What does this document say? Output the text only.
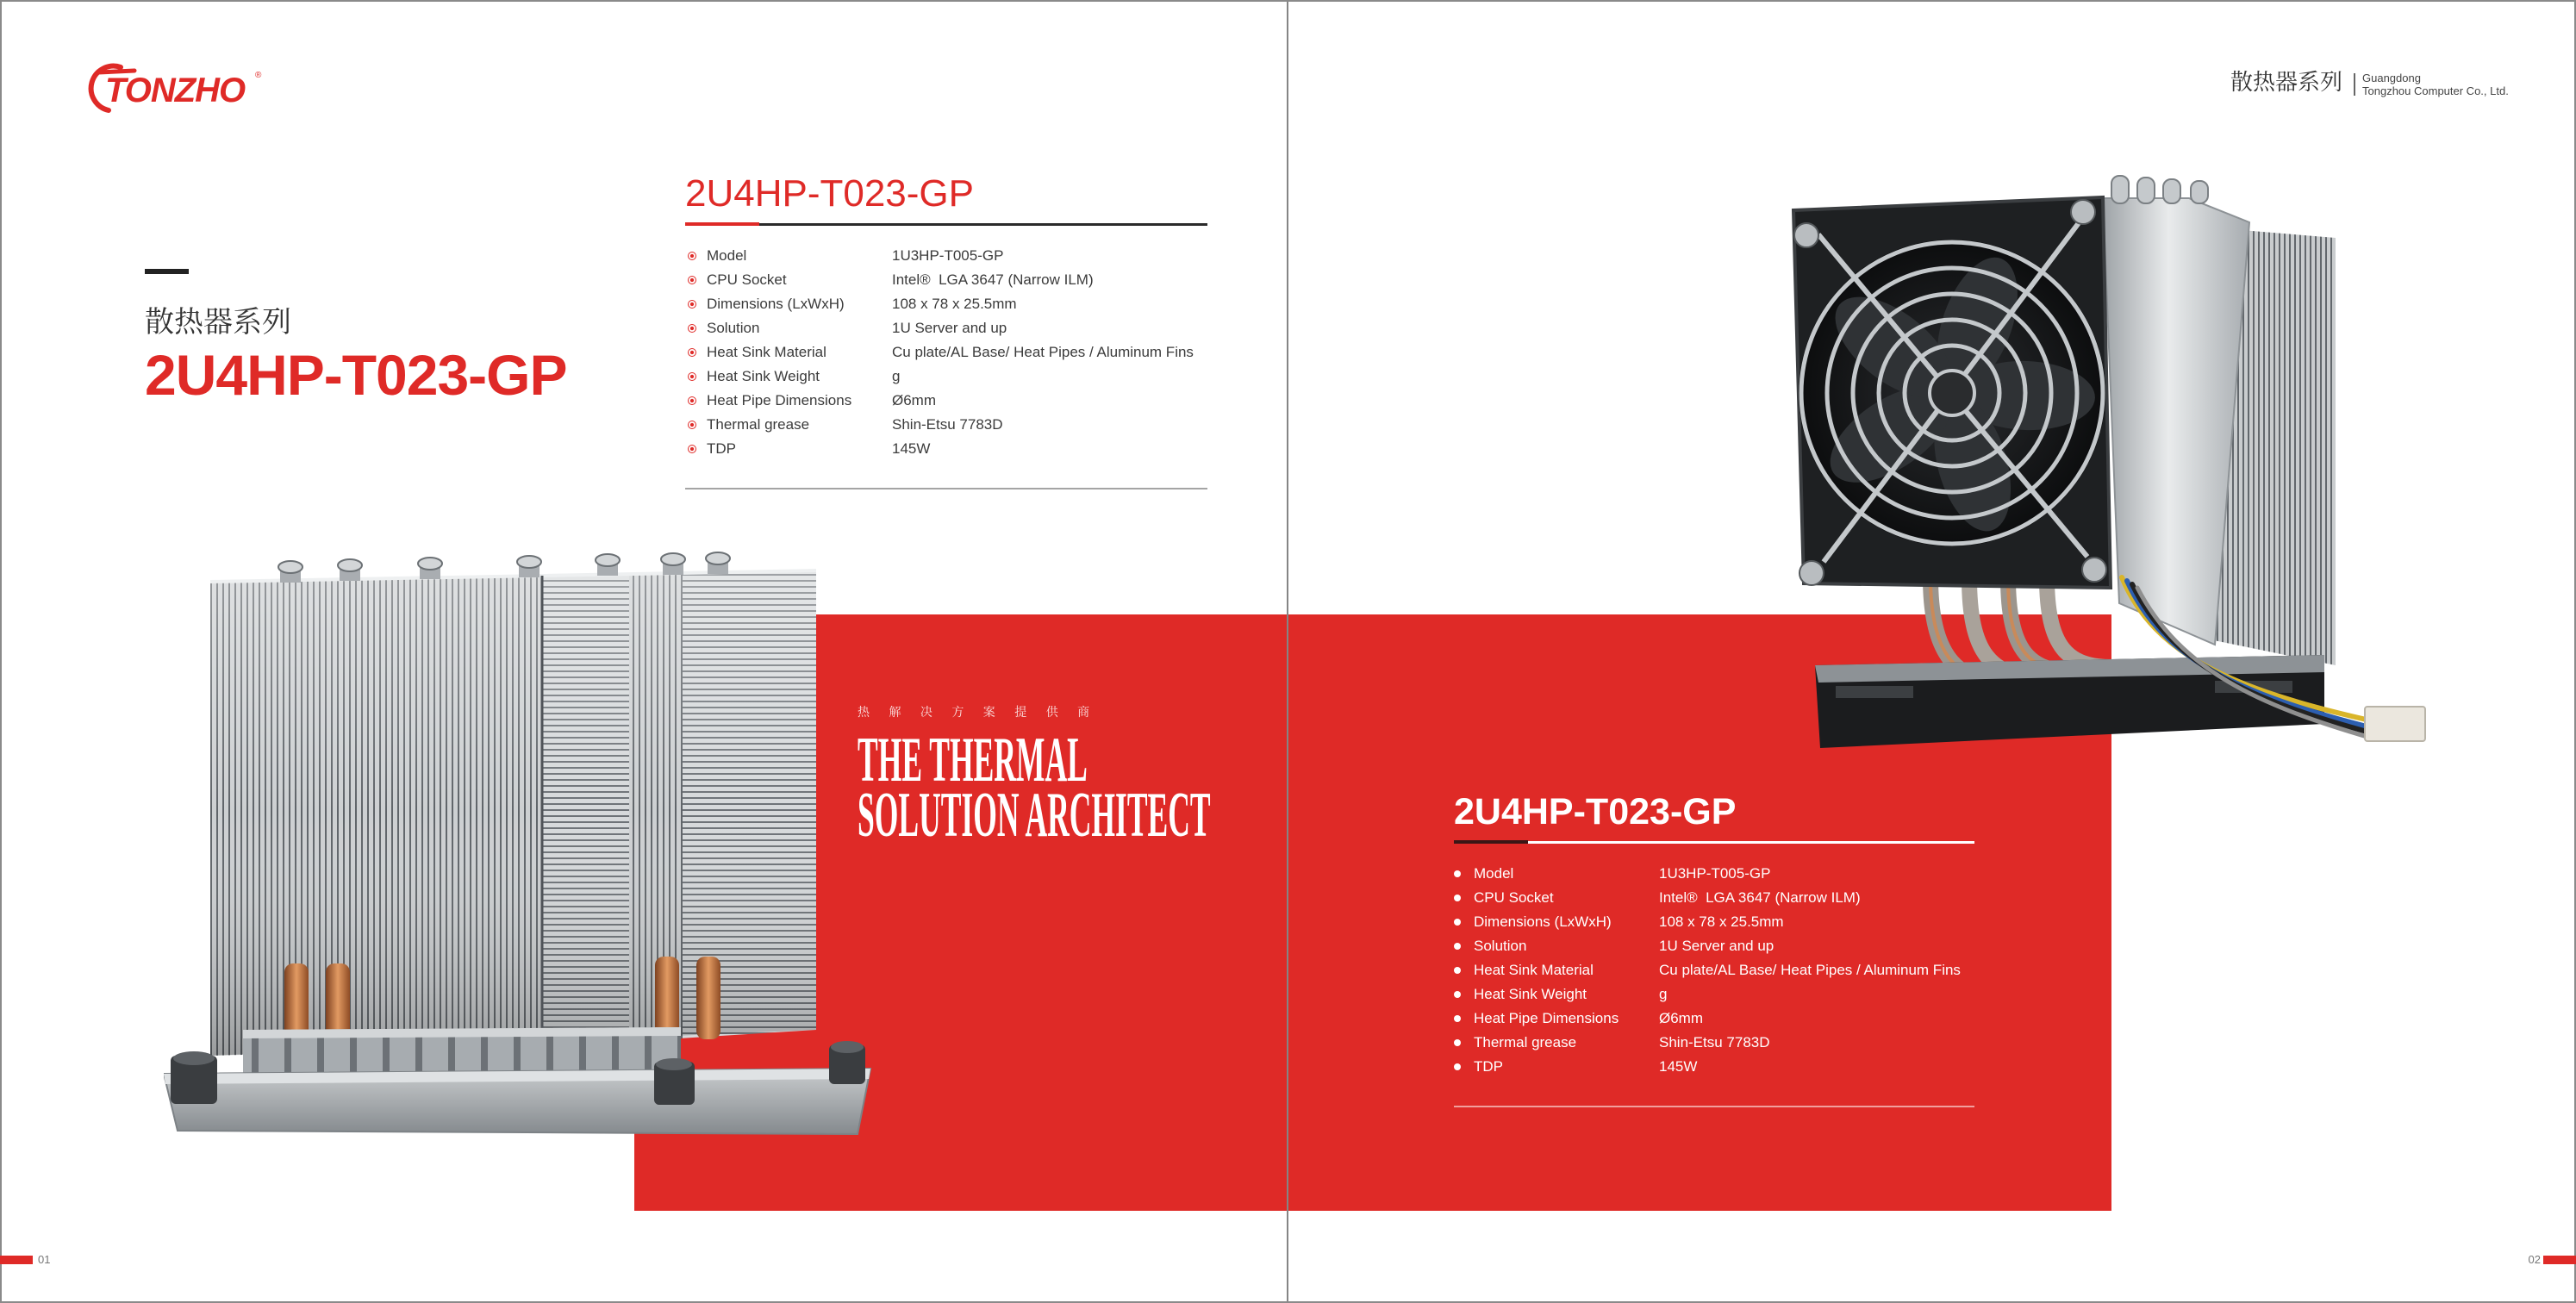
TONZHO ®
散热器系列
2U4HP-T023-GP
2U4HP-T023-GP
Model	1U3HP-T005-GP
CPU Socket	Intel®  LGA 3647 (Narrow ILM)
Dimensions (LxWxH)	108 x 78 x 25.5mm
Solution	1U Server and up
Heat Sink Material	Cu plate/AL Base/ Heat Pipes / Aluminum Fins
Heat Sink Weight	g
Heat Pipe Dimensions	Ø6mm
Thermal grease	Shin-Etsu 7783D
TDP	145W
热 解 决 方 案 提 供 商
THE THERMAL
SOLUTION ARCHITECT	2U4HP-T023-GP
Model	1U3HP-T005-GP
CPU Socket	Intel®  LGA 3647 (Narrow ILM)
Dimensions (LxWxH)	108 x 78 x 25.5mm
Solution	1U Server and up
Heat Sink Material	Cu plate/AL Base/ Heat Pipes / Aluminum Fins
Heat Sink Weight	g
Heat Pipe Dimensions	Ø6mm
Thermal grease	Shin-Etsu 7783D
TDP	145W
散热器系列 Guangdong
Tongzhou Computer Co., Ltd.
01	02
